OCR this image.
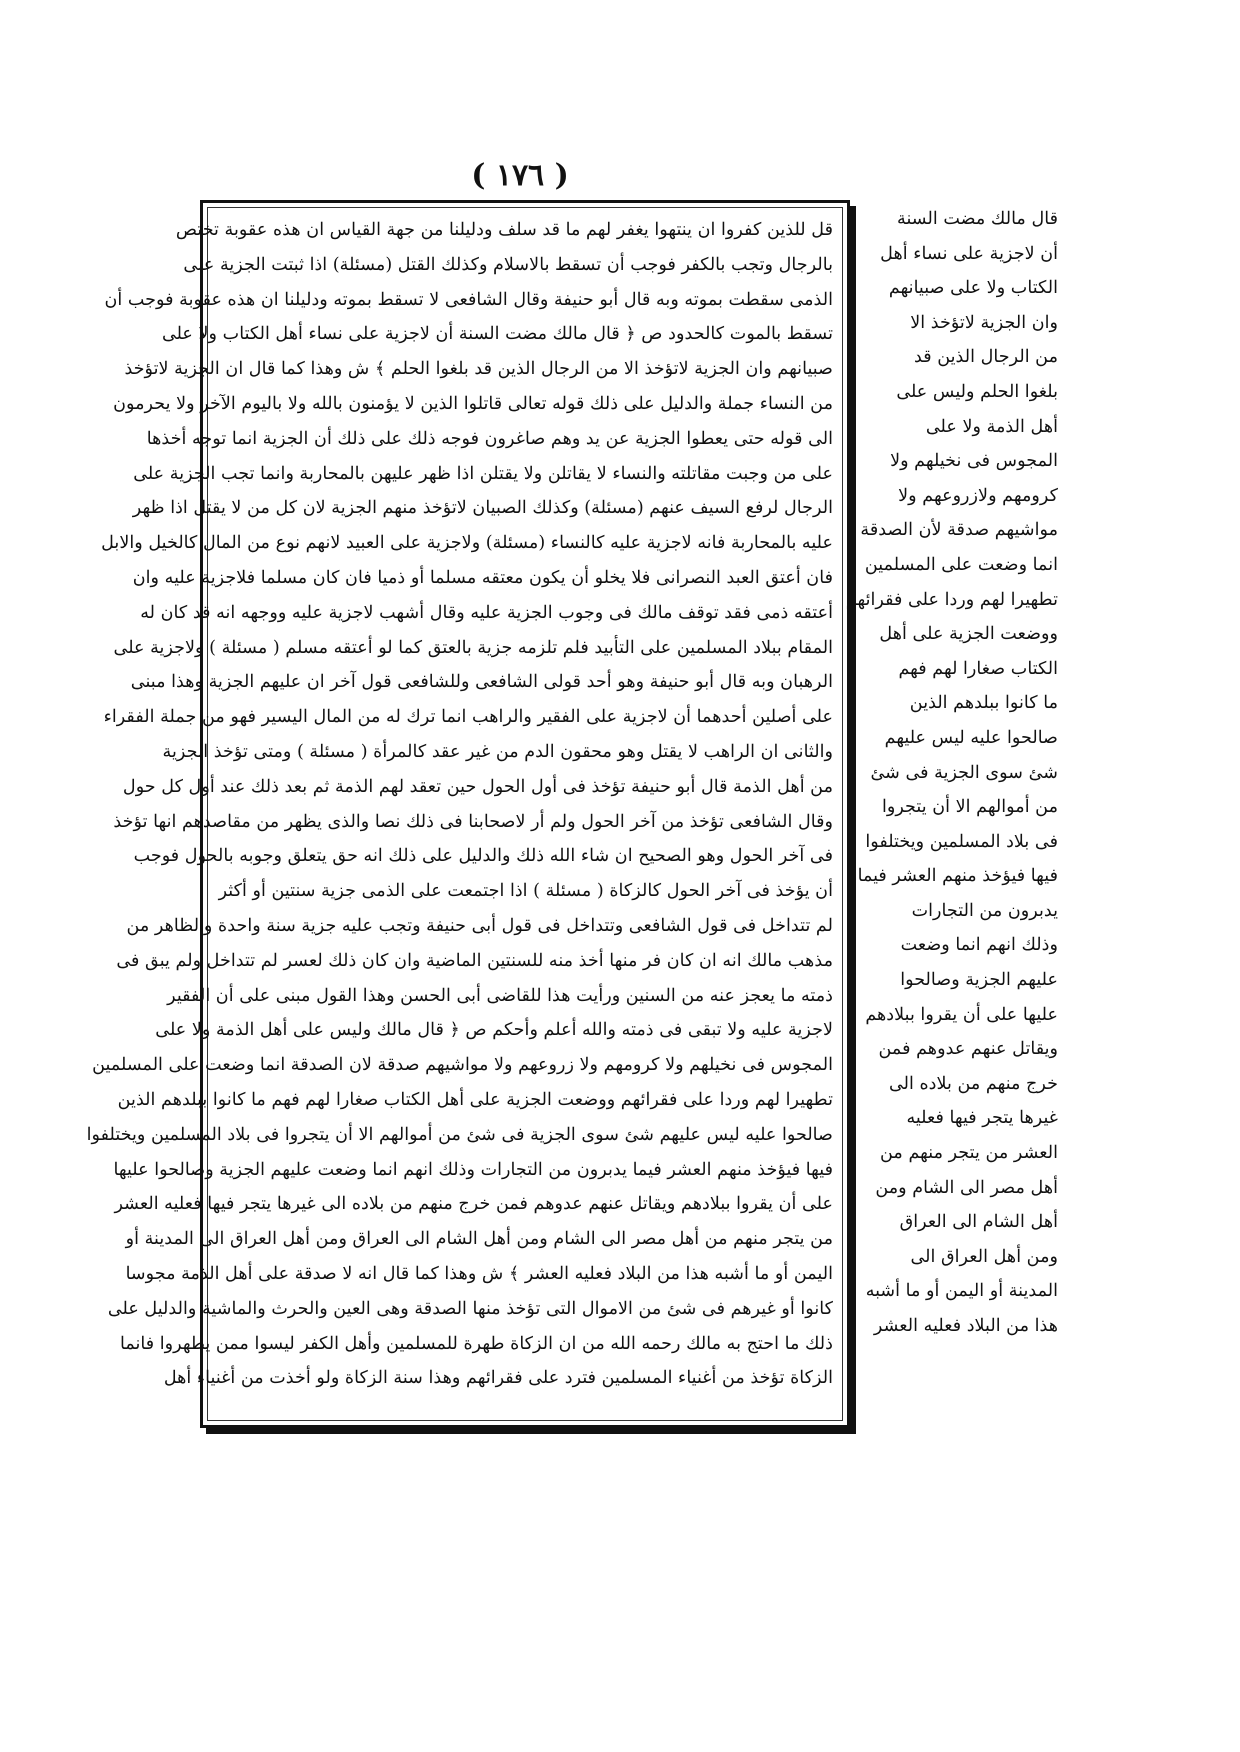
( ١٧٦ )
قال مالك مضت السنة
أن لاجزية على نساء أهل
الكتاب ولا على صبيانهم
وان الجزية لاتؤخذ الا
من الرجال الذين قد
بلغوا الحلم وليس على
أهل الذمة ولا على
المجوس فى نخيلهم ولا
كرومهم ولازروعهم ولا
مواشيهم صدقة لأن الصدقة
انما وضعت على المسلمين
تطهيرا لهم وردا على فقرائهم
ووضعت الجزية على أهل
الكتاب صغارا لهم فهم
ما كانوا ببلدهم الذين
صالحوا عليه ليس عليهم
شئ سوى الجزية فى شئ
من أموالهم الا أن يتجروا
فى بلاد المسلمين ويختلفوا
فيها فيؤخذ منهم العشر فيما
يدبرون من التجارات
وذلك انهم انما وضعت
عليهم الجزية وصالحوا
عليها على أن يقروا ببلادهم
ويقاتل عنهم عدوهم فمن
خرج منهم من بلاده الى
غيرها يتجر فيها فعليه
العشر من يتجر منهم من
أهل مصر الى الشام ومن
أهل الشام الى العراق
ومن أهل العراق الى
المدينة أو اليمن أو ما أشبه
هذا من البلاد فعليه العشر
قل للذين كفروا ان ينتهوا يغفر لهم ما قد سلف ودليلنا من جهة القياس ان هذه عقوبة تختص
بالرجال وتجب بالكفر فوجب أن تسقط بالاسلام وكذلك القتل (مسئلة) اذا ثبتت الجزية على
الذمى سقطت بموته وبه قال أبو حنيفة وقال الشافعى لا تسقط بموته ودليلنا ان هذه عقوبة فوجب أن
تسقط بالموت كالحدود ص ﴿ قال مالك مضت السنة أن لاجزية على نساء أهل الكتاب ولا على
صبيانهم وان الجزية لاتؤخذ الا من الرجال الذين قد بلغوا الحلم ﴾ ش وهذا كما قال ان الجزية لاتؤخذ
من النساء جملة والدليل على ذلك قوله تعالى قاتلوا الذين لا يؤمنون بالله ولا باليوم الآخر ولا يحرمون
الى قوله حتى يعطوا الجزية عن يد وهم صاغرون فوجه ذلك على ذلك أن الجزية انما توجه أخذها
على من وجبت مقاتلته والنساء لا يقاتلن ولا يقتلن اذا ظهر عليهن بالمحاربة وانما تجب الجزية على
الرجال لرفع السيف عنهم (مسئلة) وكذلك الصبيان لاتؤخذ منهم الجزية لان كل من لا يقتل اذا ظهر
عليه بالمحاربة فانه لاجزية عليه كالنساء (مسئلة) ولاجزية على العبيد لانهم نوع من المال كالخيل والابل
فان أعتق العبد النصرانى فلا يخلو أن يكون معتقه مسلما أو ذميا فان كان مسلما فلاجزية عليه وان
أعتقه ذمى فقد توقف مالك فى وجوب الجزية عليه وقال أشهب لاجزية عليه ووجهه انه قد كان له
المقام ببلاد المسلمين على التأبيد فلم تلزمه جزية بالعتق كما لو أعتقه مسلم ( مسئلة ) ولاجزية على
الرهبان وبه قال أبو حنيفة وهو أحد قولى الشافعى وللشافعى قول آخر ان عليهم الجزية وهذا مبنى
على أصلين أحدهما أن لاجزية على الفقير والراهب انما ترك له من المال اليسير فهو من جملة الفقراء
والثانى ان الراهب لا يقتل وهو محقون الدم من غير عقد كالمرأة ( مسئلة ) ومتى تؤخذ الجزية
من أهل الذمة قال أبو حنيفة تؤخذ فى أول الحول حين تعقد لهم الذمة ثم بعد ذلك عند أول كل حول
وقال الشافعى تؤخذ من آخر الحول ولم أر لاصحابنا فى ذلك نصا والذى يظهر من مقاصدهم انها تؤخذ
فى آخر الحول وهو الصحيح ان شاء الله ذلك والدليل على ذلك انه حق يتعلق وجوبه بالحول فوجب
أن يؤخذ فى آخر الحول كالزكاة ( مسئلة ) اذا اجتمعت على الذمى جزية سنتين أو أكثر
لم تتداخل فى قول الشافعى وتتداخل فى قول أبى حنيفة وتجب عليه جزية سنة واحدة والظاهر من
مذهب مالك انه ان كان فر منها أخذ منه للسنتين الماضية وان كان ذلك لعسر لم تتداخل ولم يبق فى
ذمته ما يعجز عنه من السنين ورأيت هذا للقاضى أبى الحسن وهذا القول مبنى على أن الفقير
لاجزية عليه ولا تبقى فى ذمته والله أعلم وأحكم ص ﴿ قال مالك وليس على أهل الذمة ولا على
المجوس فى نخيلهم ولا كرومهم ولا زروعهم ولا مواشيهم صدقة لان الصدقة انما وضعت على المسلمين
تطهيرا لهم وردا على فقرائهم ووضعت الجزية على أهل الكتاب صغارا لهم فهم ما كانوا ببلدهم الذين
صالحوا عليه ليس عليهم شئ سوى الجزية فى شئ من أموالهم الا أن يتجروا فى بلاد المسلمين ويختلفوا
فيها فيؤخذ منهم العشر فيما يدبرون من التجارات وذلك انهم انما وضعت عليهم الجزية وصالحوا عليها
على أن يقروا ببلادهم ويقاتل عنهم عدوهم فمن خرج منهم من بلاده الى غيرها يتجر فيها فعليه العشر
من يتجر منهم من أهل مصر الى الشام ومن أهل الشام الى العراق ومن أهل العراق الى المدينة أو
اليمن أو ما أشبه هذا من البلاد فعليه العشر ﴾ ش وهذا كما قال انه لا صدقة على أهل الذمة مجوسا
كانوا أو غيرهم فى شئ من الاموال التى تؤخذ منها الصدقة وهى العين والحرث والماشية والدليل على
ذلك ما احتج به مالك رحمه الله من ان الزكاة طهرة للمسلمين وأهل الكفر ليسوا ممن يطهروا فانما
الزكاة تؤخذ من أغنياء المسلمين فترد على فقرائهم وهذا سنة الزكاة ولو أخذت من أغنياء أهل
